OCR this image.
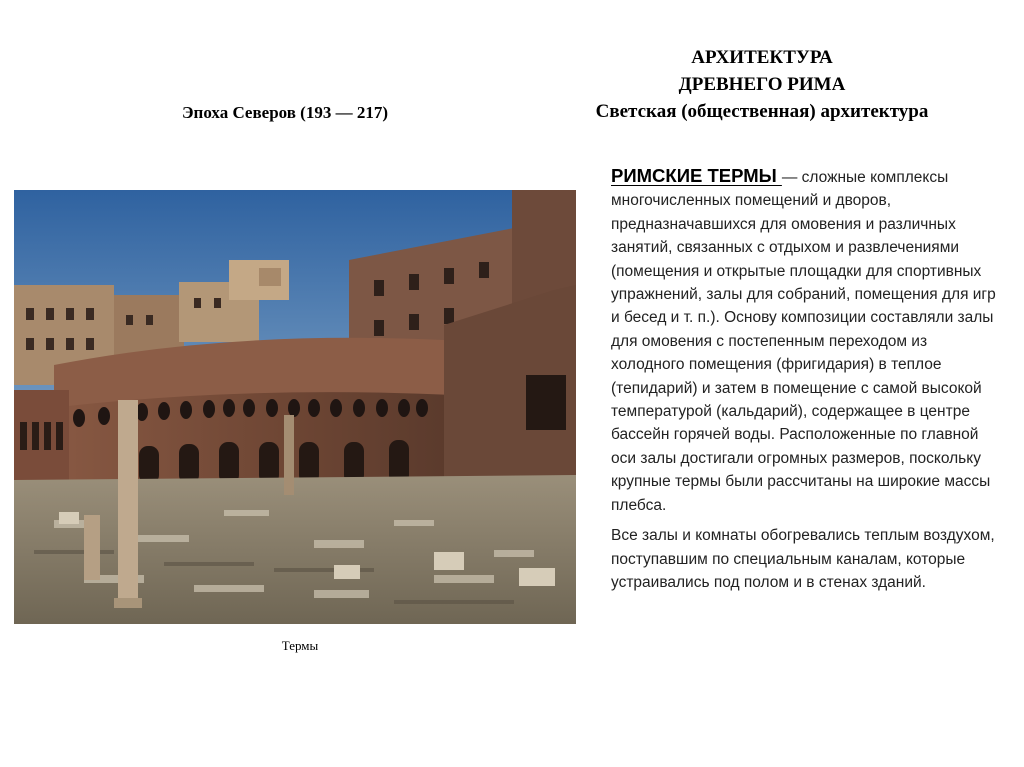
АРХИТЕКТУРА
ДРЕВНЕГО РИМА
Светская (общественная) архитектура
Эпоха Северов (193 — 217)
Термы

РИМСКИЕ ТЕРМЫ — сложные комплексы многочисленных помещений и дворов, предназначавшихся для омовения и различных занятий, связанных с отдыхом и развлечениями (помещения и открытые площадки для спортивных упражнений, залы для собраний, помещения для игр и бесед и т. п.). Основу композиции составляли залы для омовения с постепенным переходом из холодного помещения (фригидария) в теплое (тепидарий) и затем в помещение с самой высокой температурой (кальдарий), содержащее в центре бассейн горячей воды. Расположенные по главной оси залы достигали огромных размеров, поскольку крупные термы были рассчитаны на широкие массы плебса.

Все залы и комнаты обогревались теплым воздухом, поступавшим по специальным каналам, которые устраивались под полом и в стенах зданий.
